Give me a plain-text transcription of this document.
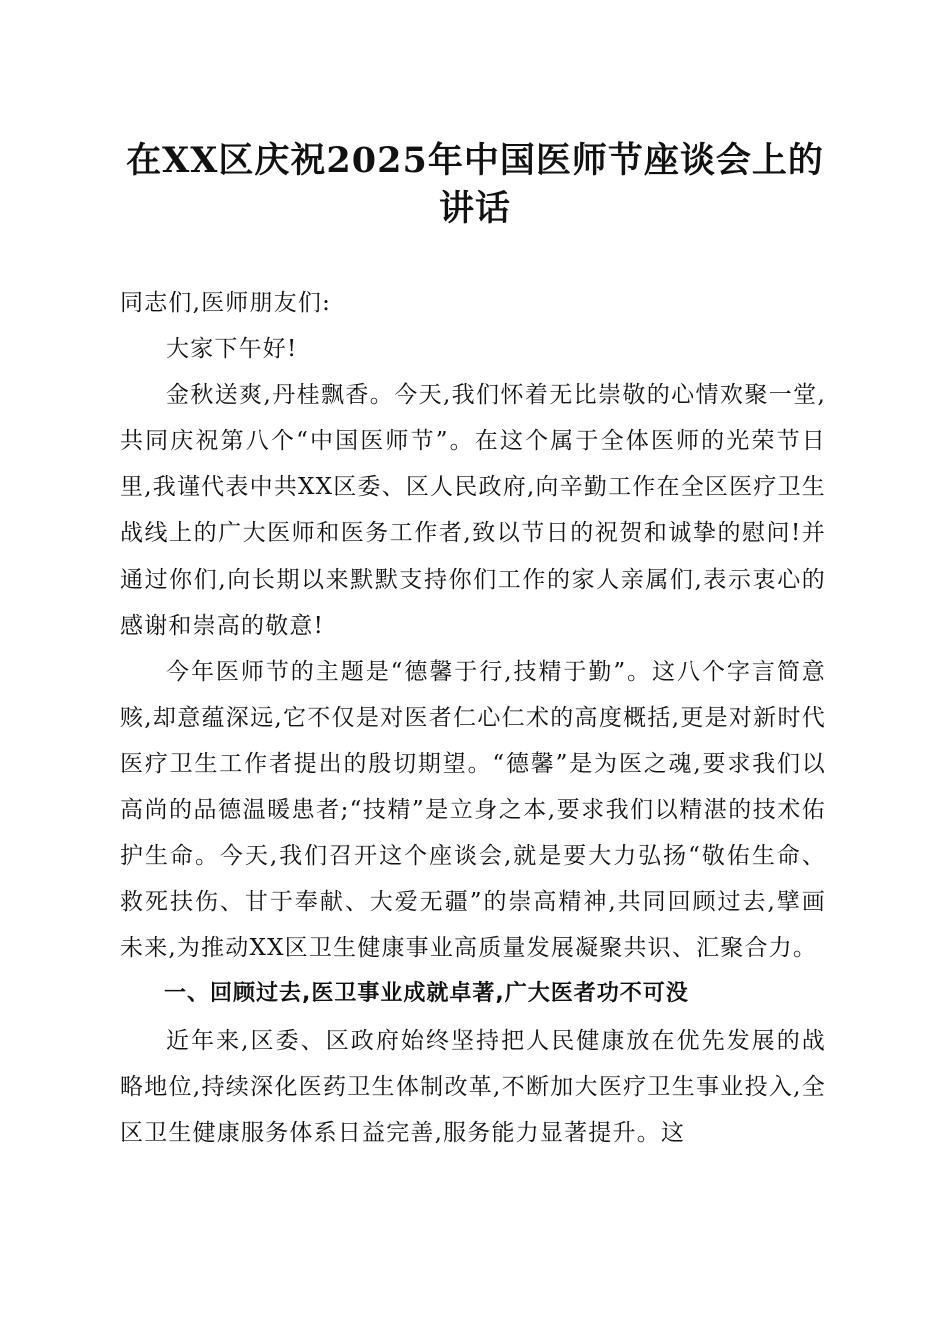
在XX区庆祝2025年中国医师节座谈会上的讲话

同志们,医师朋友们:

大家下午好!

金秋送爽,丹桂飘香。今天,我们怀着无比崇敬的心情欢聚一堂,共同庆祝第八个“中国医师节”。在这个属于全体医师的光荣节日里,我谨代表中共XX区委、区人民政府,向辛勤工作在全区医疗卫生战线上的广大医师和医务工作者,致以节日的祝贺和诚挚的慰问!并通过你们,向长期以来默默支持你们工作的家人亲属们,表示衷心的感谢和崇高的敬意!

今年医师节的主题是“德馨于行,技精于勤”。这八个字言简意赅,却意蕴深远,它不仅是对医者仁心仁术的高度概括,更是对新时代医疗卫生工作者提出的殷切期望。“德馨”是为医之魂,要求我们以高尚的品德温暖患者;“技精”是立身之本,要求我们以精湛的技术佑护生命。今天,我们召开这个座谈会,就是要大力弘扬“敬佑生命、救死扶伤、甘于奉献、大爱无疆”的崇高精神,共同回顾过去,擘画未来,为推动XX区卫生健康事业高质量发展凝聚共识、汇聚合力。

一、回顾过去,医卫事业成就卓著,广大医者功不可没

近年来,区委、区政府始终坚持把人民健康放在优先发展的战略地位,持续深化医药卫生体制改革,不断加大医疗卫生事业投入,全区卫生健康服务体系日益完善,服务能力显著提升。这
